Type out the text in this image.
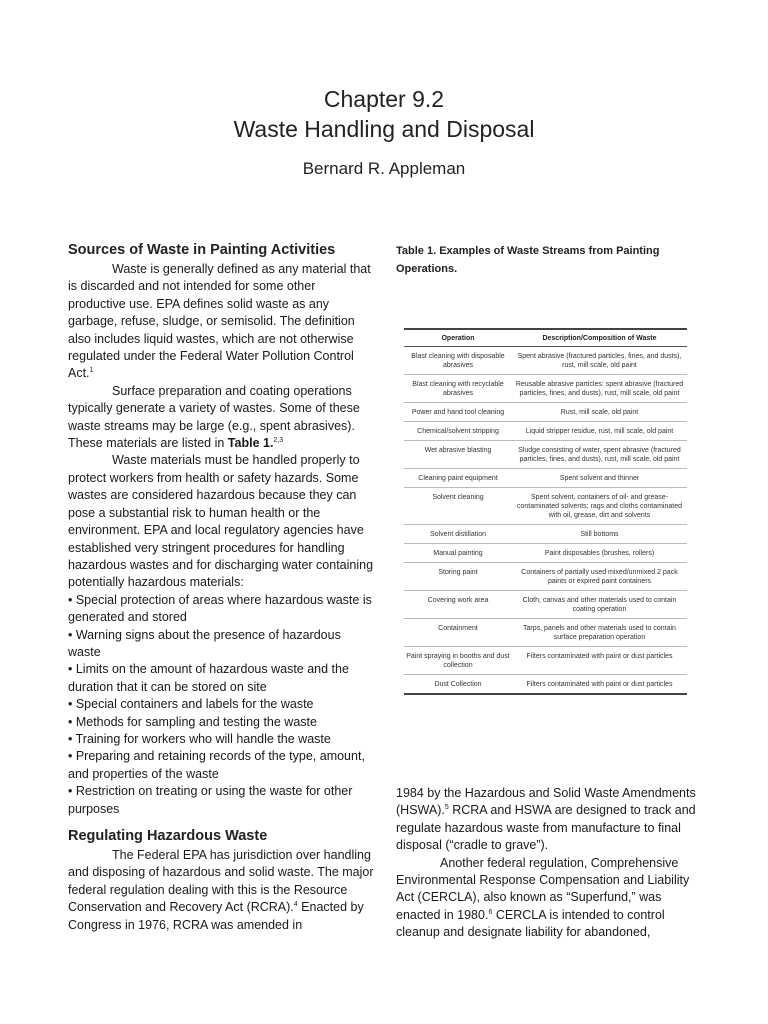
Chapter 9.2
Waste Handling and Disposal
Bernard R. Appleman
Sources of Waste in Painting Activities

Waste is generally defined as any material that is discarded and not intended for some other productive use. EPA defines solid waste as any garbage, refuse, sludge, or semisolid. The definition also includes liquid wastes, which are not otherwise regulated under the Federal Water Pollution Control Act.$^1$

Surface preparation and coating operations typically generate a variety of wastes. Some of these waste streams may be large (e.g., spent abrasives). These materials are listed in Table 1.$^{2,3}$

Waste materials must be handled properly to protect workers from health or safety hazards. Some wastes are considered hazardous because they can pose a substantial risk to human health or the environment. EPA and local regulatory agencies have established very stringent procedures for handling hazardous wastes and for discharging water containing potentially hazardous materials:

• Special protection of areas where hazardous waste is generated and stored
• Warning signs about the presence of hazardous waste
• Limits on the amount of hazardous waste and the duration that it can be stored on site
• Special containers and labels for the waste
• Methods for sampling and testing the waste
• Training for workers who will handle the waste
• Preparing and retaining records of the type, amount, and properties of the waste
• Restriction on treating or using the waste for other purposes
Regulating Hazardous Waste

The Federal EPA has jurisdiction over handling and disposing of hazardous and solid waste. The major federal regulation dealing with this is the Resource Conservation and Recovery Act (RCRA).$^4$ Enacted by Congress in 1976, RCRA was amended in

Table 1. Examples of Waste Streams from Painting Operations.
Operation	Description/Composition of Waste
Blast cleaning with disposable abrasives	Spent abrasive (fractured particles, fines, and dusts), rust, mill scale, old paint
Blast cleaning with recyclable abrasives	Reusable abrasive particles: spent abrasive (fractured particles, fines, and dusts), rust, mill scale, old paint
Power and hand tool cleaning	Rust, mill scale, old paint
Chemical/solvent stripping	Liquid stripper residue, rust, mill scale, old paint
Wet abrasive blasting	Sludge consisting of water, spent abrasive (fractured particles, fines, and dusts), rust, mill scale, old paint
Cleaning paint equipment	Spent solvent and thinner
Solvent cleaning	Spent solvent, containers of oil- and grease-contaminated solvents; rags and cloths contaminated with oil, grease, dirt and solvents
Solvent distillation	Still bottoms
Manual painting	Paint disposables (brushes, rollers)
Storing paint	Containers of partially used mixed/unmixed 2 pack paints or expired paint containers
Covering work area	Cloth, canvas and other materials used to contain coating operation
Containment	Tarps, panels and other materials used to contain surface preparation operation
Paint spraying in booths and dust collection	Filters contaminated with paint or dust particles
Dust Collection	Filters contaminated with paint or dust particles

1984 by the Hazardous and Solid Waste Amendments (HSWA).$^5$ RCRA and HSWA are designed to track and regulate hazardous waste from manufacture to final disposal (“cradle to grave”).

Another federal regulation, Comprehensive Environmental Response Compensation and Liability Act (CERCLA), also known as “Superfund,” was enacted in 1980.$^6$ CERCLA is intended to control cleanup and designate liability for abandoned,
